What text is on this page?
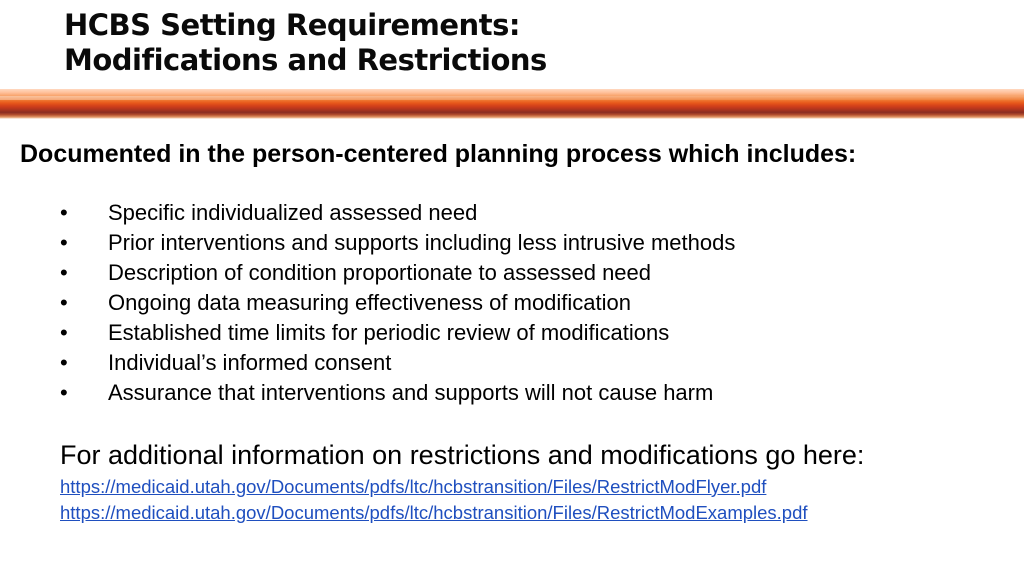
HCBS Setting Requirements:
Modifications and Restrictions

Documented in the person-centered planning process which includes:

•	Specific individualized assessed need
•	Prior interventions and supports including less intrusive methods
•	Description of condition proportionate to assessed need
•	Ongoing data measuring effectiveness of modification
•	Established time limits for periodic review of modifications
•	Individual’s informed consent
•	Assurance that interventions and supports will not cause harm

For additional information on restrictions and modifications go here:

https://medicaid.utah.gov/Documents/pdfs/ltc/hcbstransition/Files/RestrictModFlyer.pdf
https://medicaid.utah.gov/Documents/pdfs/ltc/hcbstransition/Files/RestrictModExamples.pdf
